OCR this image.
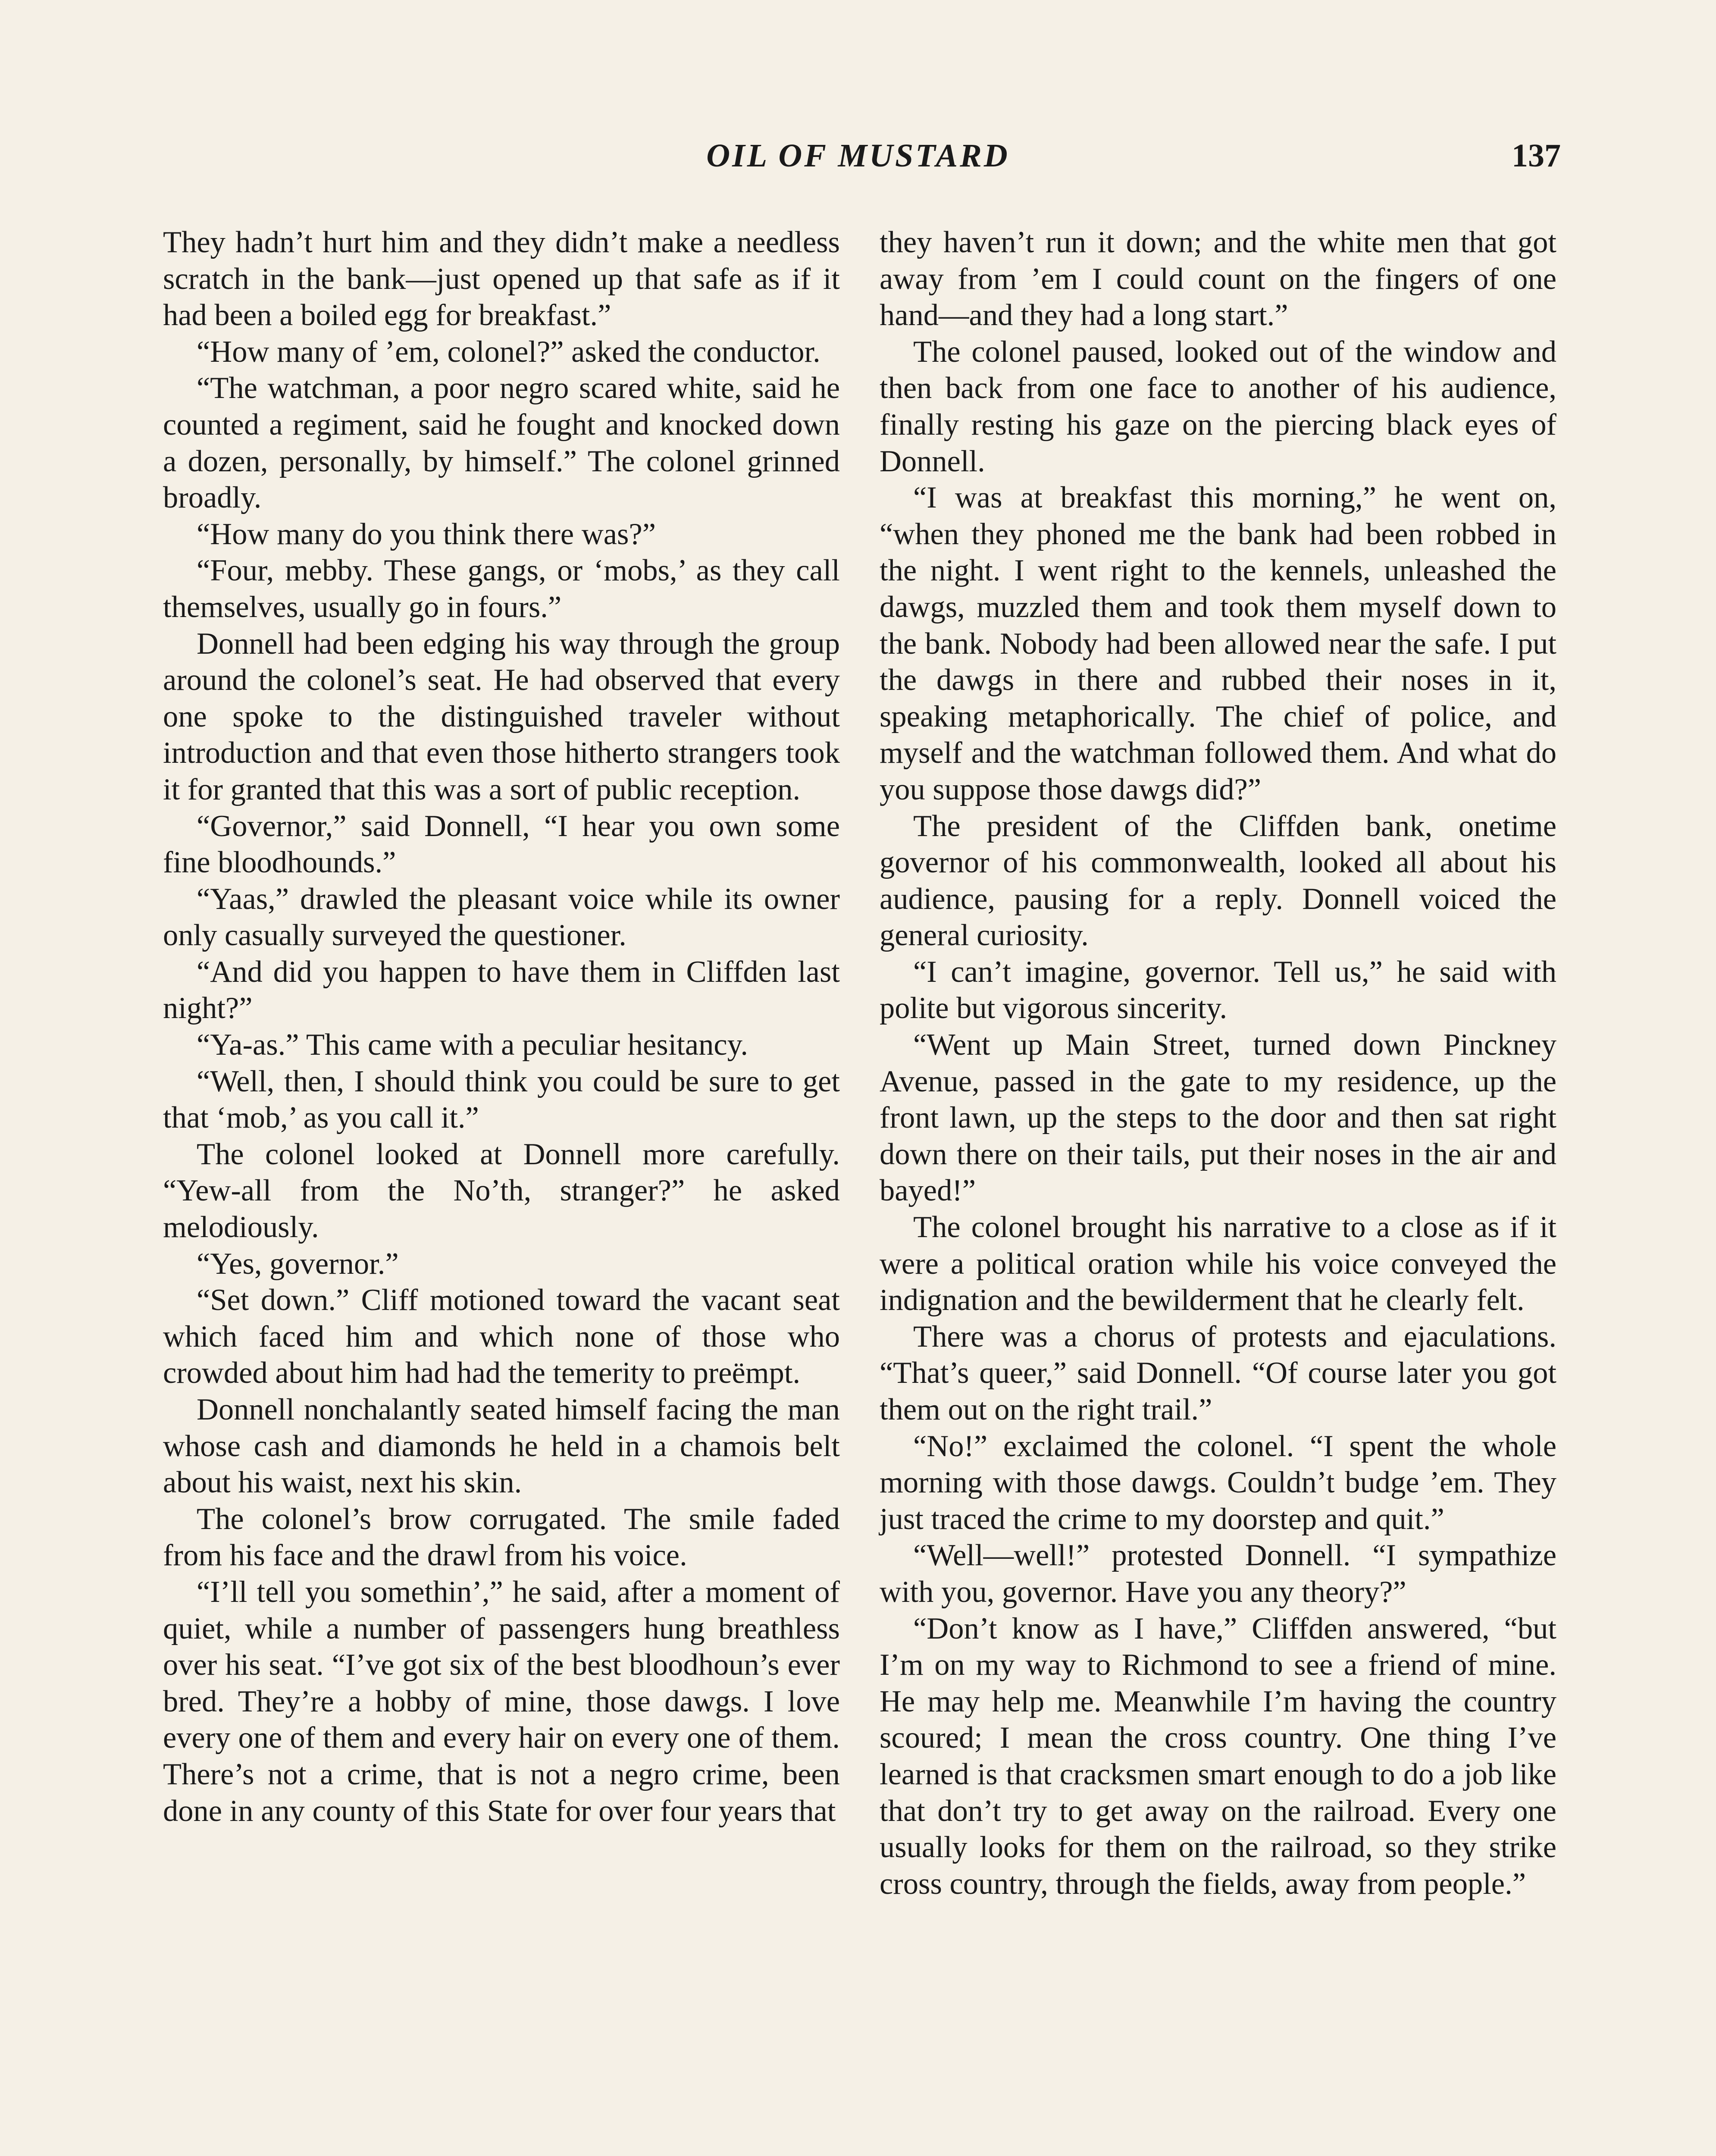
OIL OF MUSTARD	137

They hadn’t hurt him and they didn’t make a needless scratch in the bank—just opened up that safe as if it had been a boiled egg for breakfast.”

“How many of ’em, colonel?” asked the conductor.

“The watchman, a poor negro scared white, said he counted a regiment, said he fought and knocked down a dozen, personally, by himself.” The colonel grinned broadly.

“How many do you think there was?”

“Four, mebby. These gangs, or ‘mobs,’ as they call themselves, usually go in fours.”

Donnell had been edging his way through the group around the colonel’s seat. He had observed that every one spoke to the distinguished traveler without introduction and that even those hitherto strangers took it for granted that this was a sort of public reception.

“Governor,” said Donnell, “I hear you own some fine bloodhounds.”

“Yaas,” drawled the pleasant voice while its owner only casually surveyed the questioner.

“And did you happen to have them in Cliffden last night?”

“Ya-as.” This came with a peculiar hesitancy.

“Well, then, I should think you could be sure to get that ‘mob,’ as you call it.”

The colonel looked at Donnell more carefully. “Yew-all from the No’th, stranger?” he asked melodiously.

“Yes, governor.”

“Set down.” Cliff motioned toward the vacant seat which faced him and which none of those who crowded about him had had the temerity to preëmpt.

Donnell nonchalantly seated himself facing the man whose cash and diamonds he held in a chamois belt about his waist, next his skin.

The colonel’s brow corrugated. The smile faded from his face and the drawl from his voice.

“I’ll tell you somethin’,” he said, after a moment of quiet, while a number of passengers hung breathless over his seat. “I’ve got six of the best bloodhoun’s ever bred. They’re a hobby of mine, those dawgs. I love every one of them and every hair on every one of them. There’s not a crime, that is not a negro crime, been done in any county of this State for over four years that

they haven’t run it down; and the white men that got away from ’em I could count on the fingers of one hand—and they had a long start.”

The colonel paused, looked out of the window and then back from one face to another of his audience, finally resting his gaze on the piercing black eyes of Donnell.

“I was at breakfast this morning,” he went on, “when they phoned me the bank had been robbed in the night. I went right to the kennels, unleashed the dawgs, muzzled them and took them myself down to the bank. Nobody had been allowed near the safe. I put the dawgs in there and rubbed their noses in it, speaking metaphorically. The chief of police, and myself and the watchman followed them. And what do you suppose those dawgs did?”

The president of the Cliffden bank, onetime governor of his commonwealth, looked all about his audience, pausing for a reply. Donnell voiced the general curiosity.

“I can’t imagine, governor. Tell us,” he said with polite but vigorous sincerity.

“Went up Main Street, turned down Pinckney Avenue, passed in the gate to my residence, up the front lawn, up the steps to the door and then sat right down there on their tails, put their noses in the air and bayed!”

The colonel brought his narrative to a close as if it were a political oration while his voice conveyed the indignation and the bewilderment that he clearly felt.

There was a chorus of protests and ejaculations. “That’s queer,” said Donnell. “Of course later you got them out on the right trail.”

“No!” exclaimed the colonel. “I spent the whole morning with those dawgs. Couldn’t budge ’em. They just traced the crime to my doorstep and quit.”

“Well—well!” protested Donnell. “I sympathize with you, governor. Have you any theory?”

“Don’t know as I have,” Cliffden answered, “but I’m on my way to Richmond to see a friend of mine. He may help me. Meanwhile I’m having the country scoured; I mean the cross country. One thing I’ve learned is that cracksmen smart enough to do a job like that don’t try to get away on the railroad. Every one usually looks for them on the railroad, so they strike cross country, through the fields, away from people.”
